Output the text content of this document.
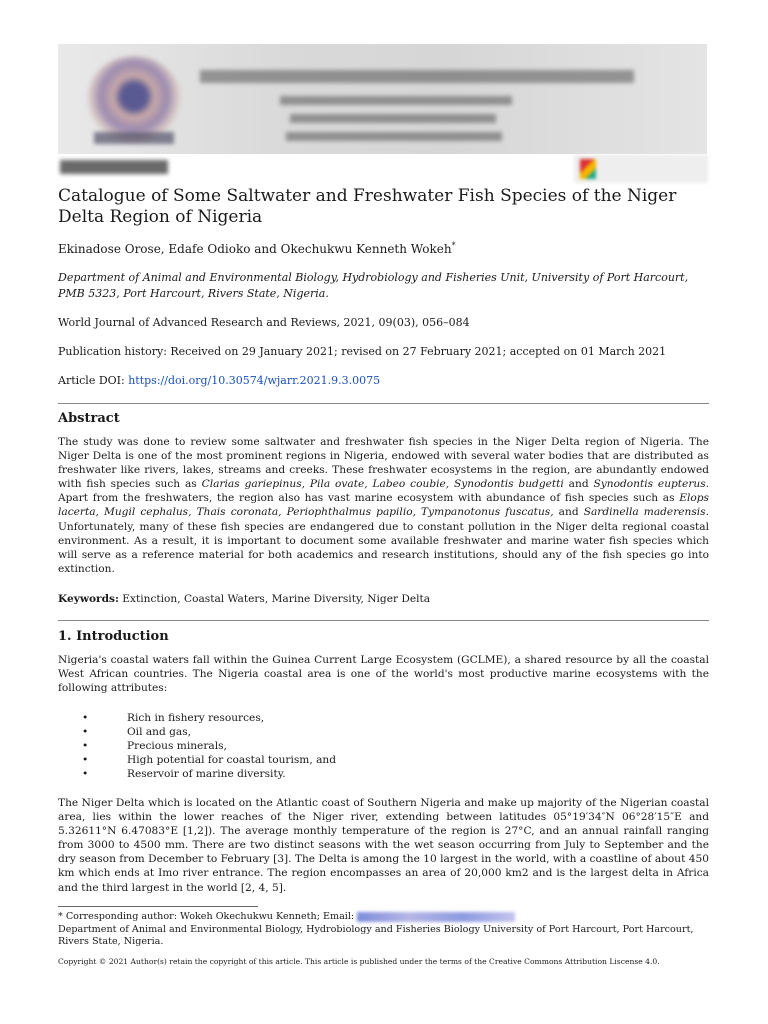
Catalogue of Some Saltwater and Freshwater Fish Species of the Niger Delta Region of Nigeria
Ekinadose Orose, Edafe Odioko and Okechukwu Kenneth Wokeh*
Department of Animal and Environmental Biology, Hydrobiology and Fisheries Unit, University of Port Harcourt, PMB 5323, Port Harcourt, Rivers State, Nigeria.
World Journal of Advanced Research and Reviews, 2021, 09(03), 056–084
Publication history: Received on 29 January 2021; revised on 27 February 2021; accepted on 01 March 2021
Article DOI: https://doi.org/10.30574/wjarr.2021.9.3.0075
Abstract
The study was done to review some saltwater and freshwater fish species in the Niger Delta region of Nigeria. The Niger Delta is one of the most prominent regions in Nigeria, endowed with several water bodies that are distributed as freshwater like rivers, lakes, streams and creeks. These freshwater ecosystems in the region, are abundantly endowed with fish species such as Clarias gariepinus, Pila ovate, Labeo coubie, Synodontis budgetti and Synodontis eupterus. Apart from the freshwaters, the region also has vast marine ecosystem with abundance of fish species such as Elops lacerta, Mugil cephalus, Thais coronata, Periophthalmus papilio, Tympanotonus fuscatus, and Sardinella maderensis. Unfortunately, many of these fish species are endangered due to constant pollution in the Niger delta regional coastal environment. As a result, it is important to document some available freshwater and marine water fish species which will serve as a reference material for both academics and research institutions, should any of the fish species go into extinction.
Keywords: Extinction, Coastal Waters, Marine Diversity, Niger Delta
1. Introduction
Nigeria's coastal waters fall within the Guinea Current Large Ecosystem (GCLME), a shared resource by all the coastal West African countries. The Nigeria coastal area is one of the world's most productive marine ecosystems with the following attributes:
•	Rich in fishery resources,
•	Oil and gas,
•	Precious minerals,
•	High potential for coastal tourism, and
•	Reservoir of marine diversity.
The Niger Delta which is located on the Atlantic coast of Southern Nigeria and make up majority of the Nigerian coastal area, lies within the lower reaches of the Niger river, extending between latitudes 05°19′34″N 06°28′15″E and 5.32611°N 6.47083°E [1,2]). The average monthly temperature of the region is 27°C, and an annual rainfall ranging from 3000 to 4500 mm. There are two distinct seasons with the wet season occurring from July to September and the dry season from December to February [3]. The Delta is among the 10 largest in the world, with a coastline of about 450 km which ends at Imo river entrance. The region encompasses an area of 20,000 km2 and is the largest delta in Africa and the third largest in the world [2, 4, 5].
* Corresponding author: Wokeh Okechukwu Kenneth; Email:
Department of Animal and Environmental Biology, Hydrobiology and Fisheries Biology University of Port Harcourt, Port Harcourt, Rivers State, Nigeria.
Copyright © 2021 Author(s) retain the copyright of this article. This article is published under the terms of the Creative Commons Attribution Liscense 4.0.
